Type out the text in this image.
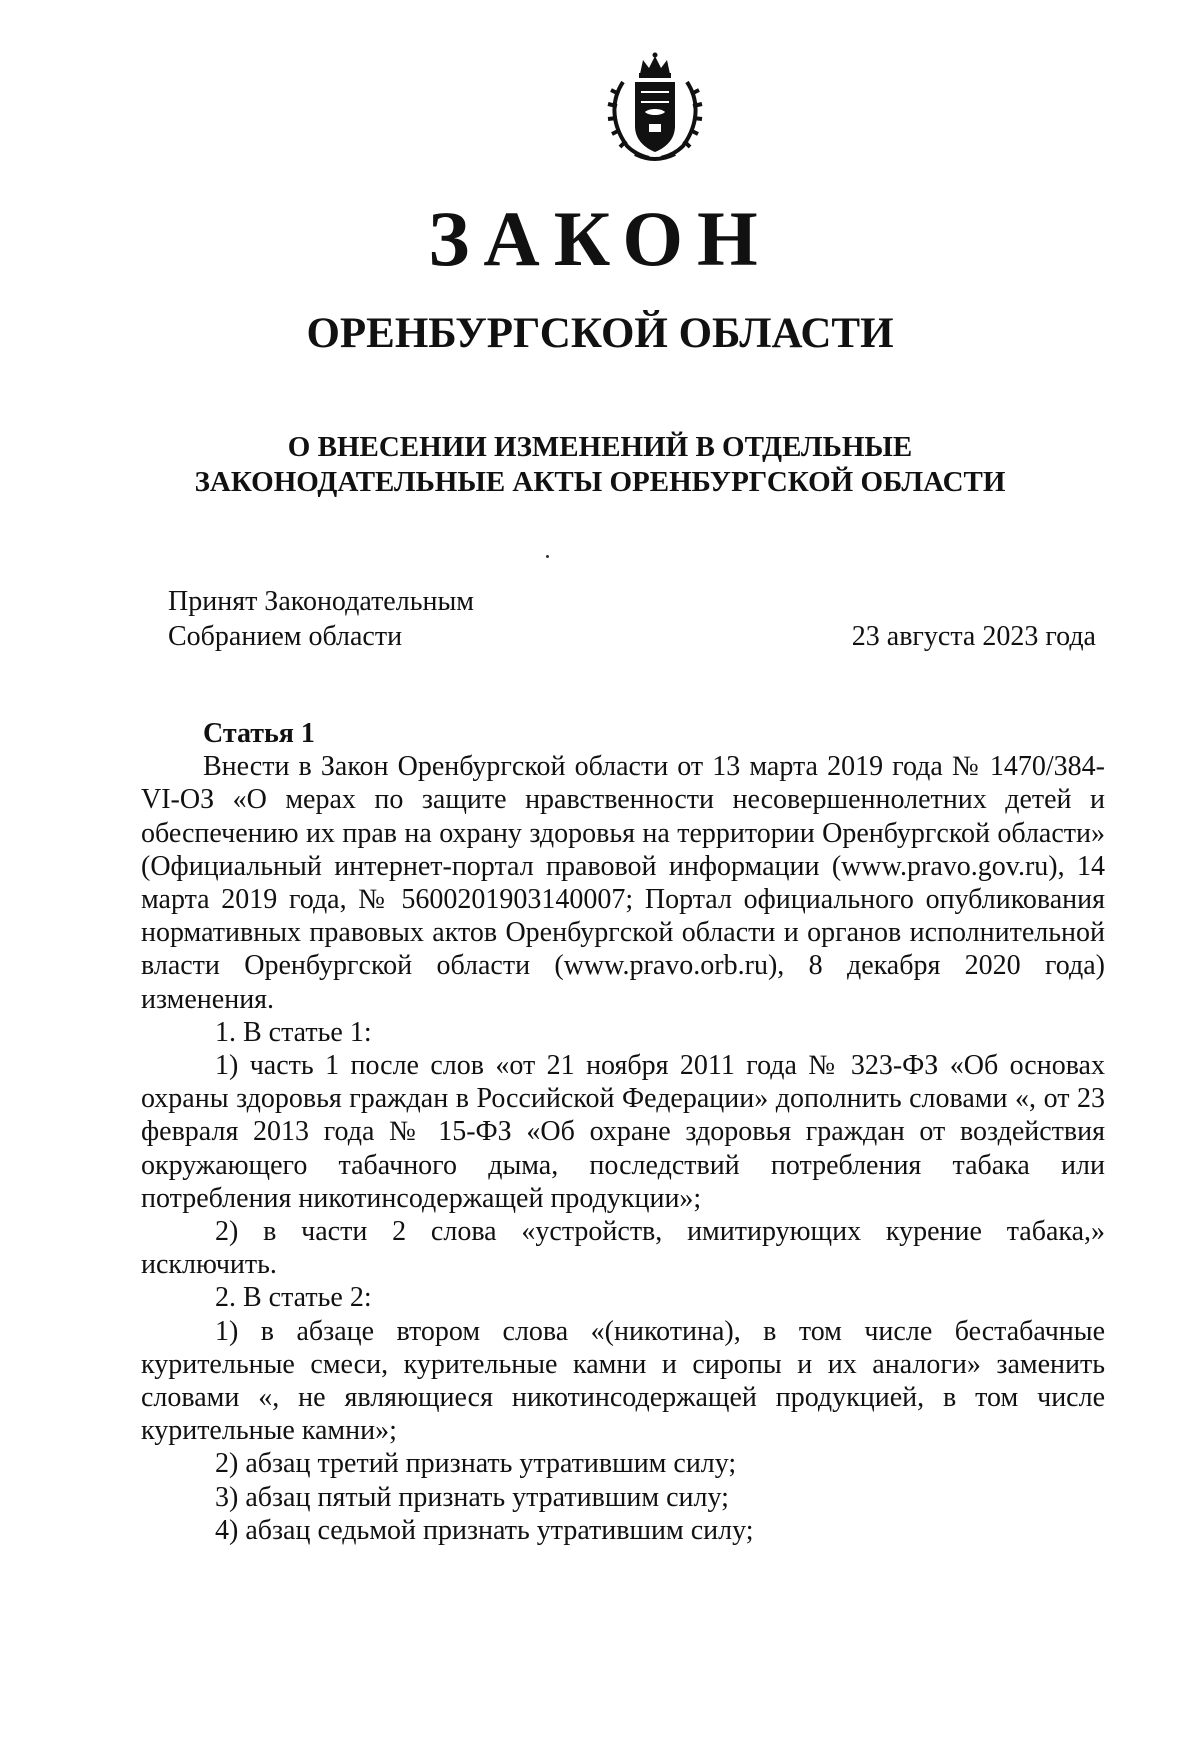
ЗАКОН
ОРЕНБУРГСКОЙ ОБЛАСТИ
О ВНЕСЕНИИ ИЗМЕНЕНИЙ В ОТДЕЛЬНЫЕ
ЗАКОНОДАТЕЛЬНЫЕ АКТЫ ОРЕНБУРГСКОЙ ОБЛАСТИ
Принят Законодательным
Собранием области	23 августа 2023 года

Статья 1

Внести в Закон Оренбургской области от 13 марта 2019 года № 1470/384-VI-ОЗ «О мерах по защите нравственности несовершеннолетних детей и обеспечению их прав на охрану здоровья на территории Оренбургской области» (Официальный интернет-портал правовой информации (www.pravo.gov.ru), 14 марта 2019 года, № 5600201903140007; Портал официального опубликования нормативных правовых актов Оренбургской области и органов исполнительной власти Оренбургской области (www.pravo.orb.ru), 8 декабря 2020 года) изменения.

1. В статье 1:

1) часть 1 после слов «от 21 ноября 2011 года № 323-ФЗ «Об основах охраны здоровья граждан в Российской Федерации» дополнить словами «, от 23 февраля 2013 года № 15-ФЗ «Об охране здоровья граждан от воздействия окружающего табачного дыма, последствий потребления табака или потребления никотинсодержащей продукции»;

2) в части 2 слова «устройств, имитирующих курение табака,» исключить.

2. В статье 2:

1) в абзаце втором слова «(никотина), в том числе бестабачные курительные смеси, курительные камни и сиропы и их аналоги» заменить словами «, не являющиеся никотинсодержащей продукцией, в том числе курительные камни»;

2) абзац третий признать утратившим силу;

3) абзац пятый признать утратившим силу;

4) абзац седьмой признать утратившим силу;
